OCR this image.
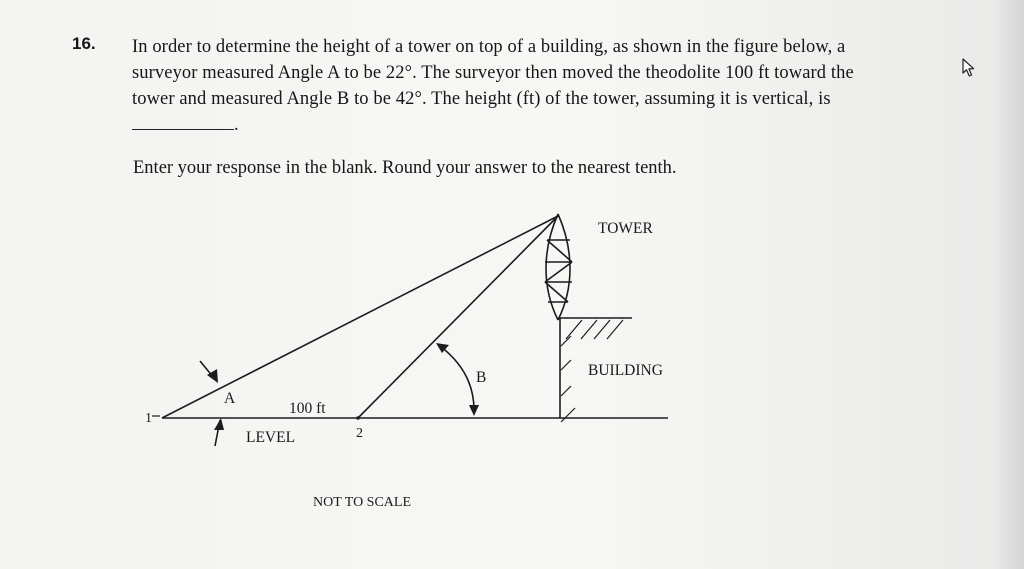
16. In order to determine the height of a tower on top of a building, as shown in the figure below, a
surveyor measured Angle A to be 22°. The surveyor then moved the theodolite 100 ft toward the
tower and measured Angle B to be 42°. The height (ft) of the tower, assuming it is vertical, is
.
Enter your response in the blank. Round your answer to the nearest tenth.
TOWER
BUILDING
B
A
100 ft
LEVEL
1
2
NOT TO SCALE
